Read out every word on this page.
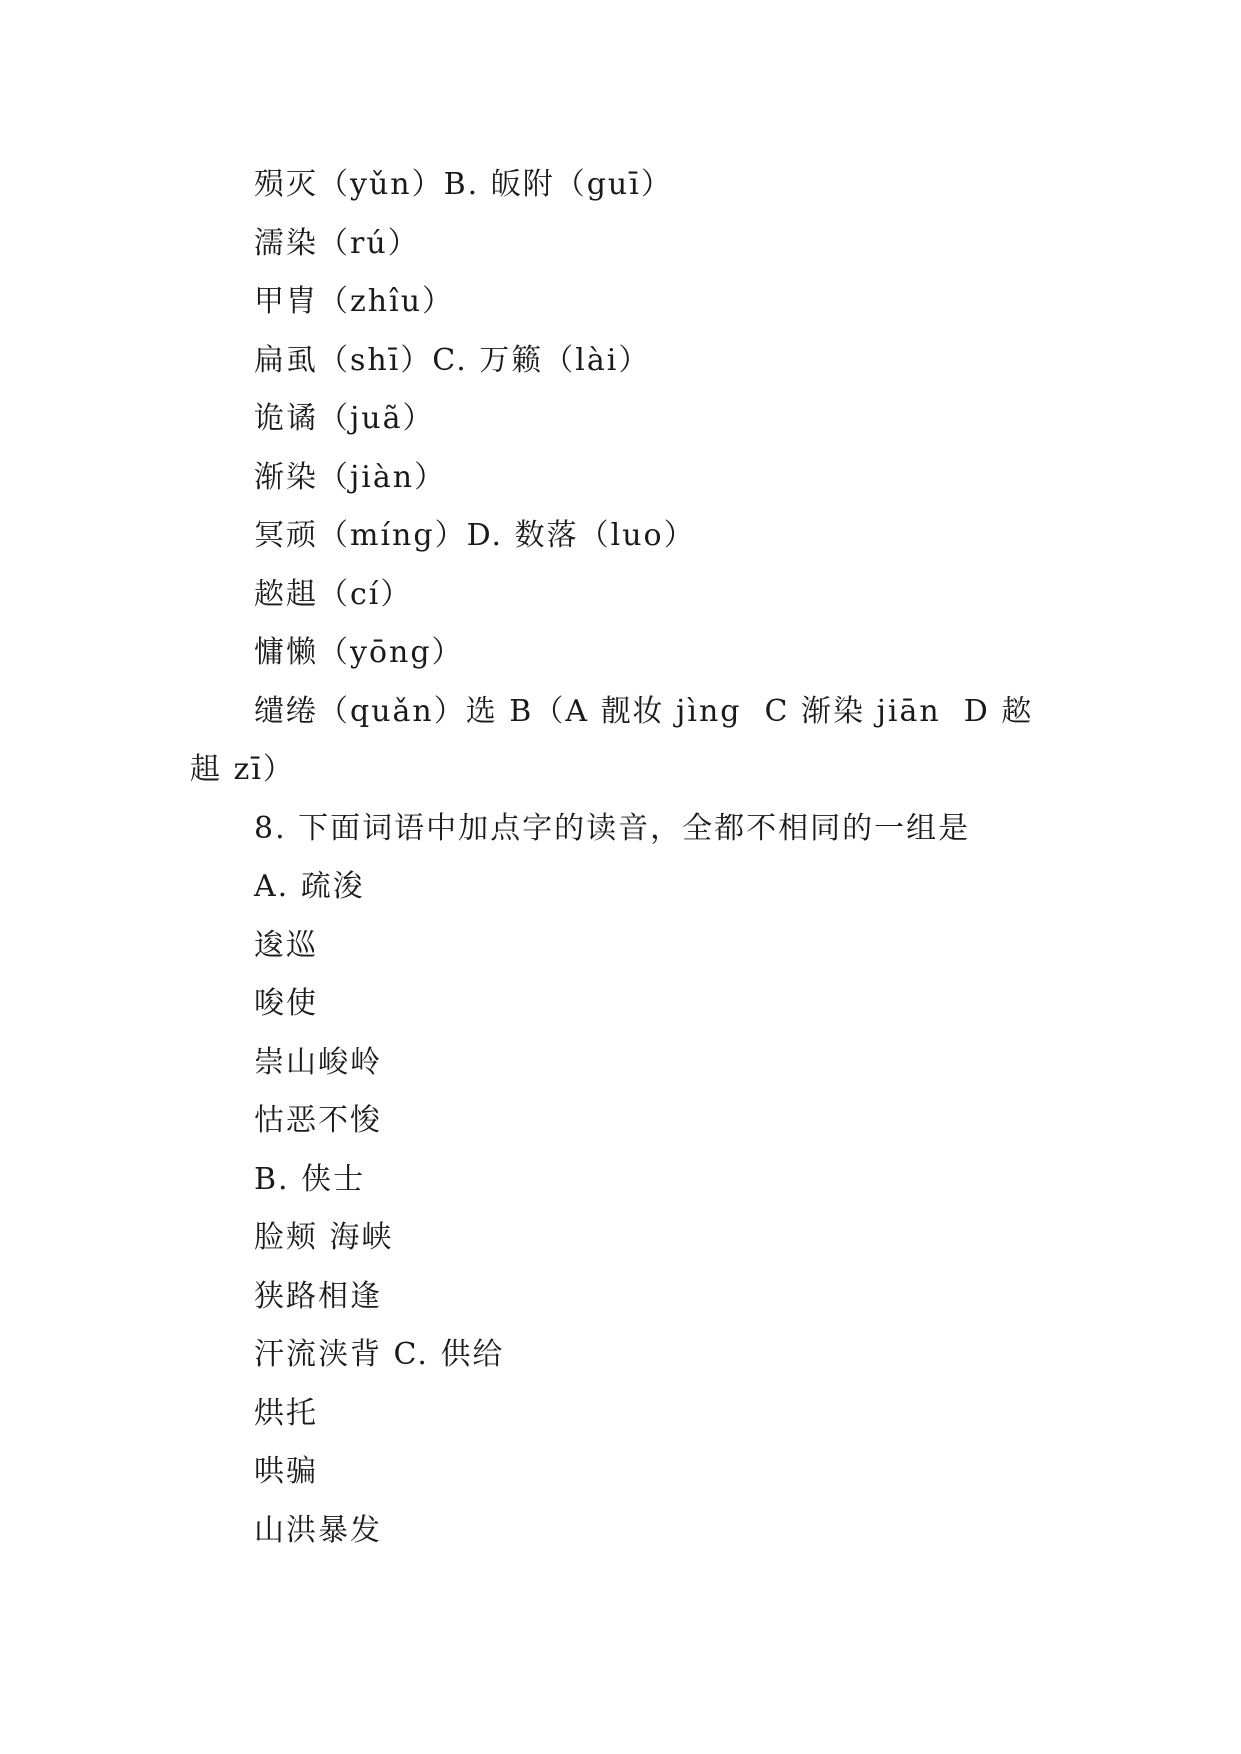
殒灭（yǔn）B. 皈附（guī）
濡染（rú）
甲胄（zhîu）
扁虱（shī）C. 万籁（lài）
诡谲（juã）
渐染（jiàn）
冥顽（míng）D. 数落（luo）
趑趄（cí）
慵懒（yōng）
缱绻（quǎn）选 B（A 靓妆 jìng  C 渐染 jiān  D 趑
趄 zī）
8. 下面词语中加点字的读音，全都不相同的一组是
A. 疏浚
逡巡
唆使
崇山峻岭
怙恶不悛
B. 侠士
脸颊 海峡
狭路相逢
汗流浃背 C. 供给
烘托
哄骗
山洪暴发
